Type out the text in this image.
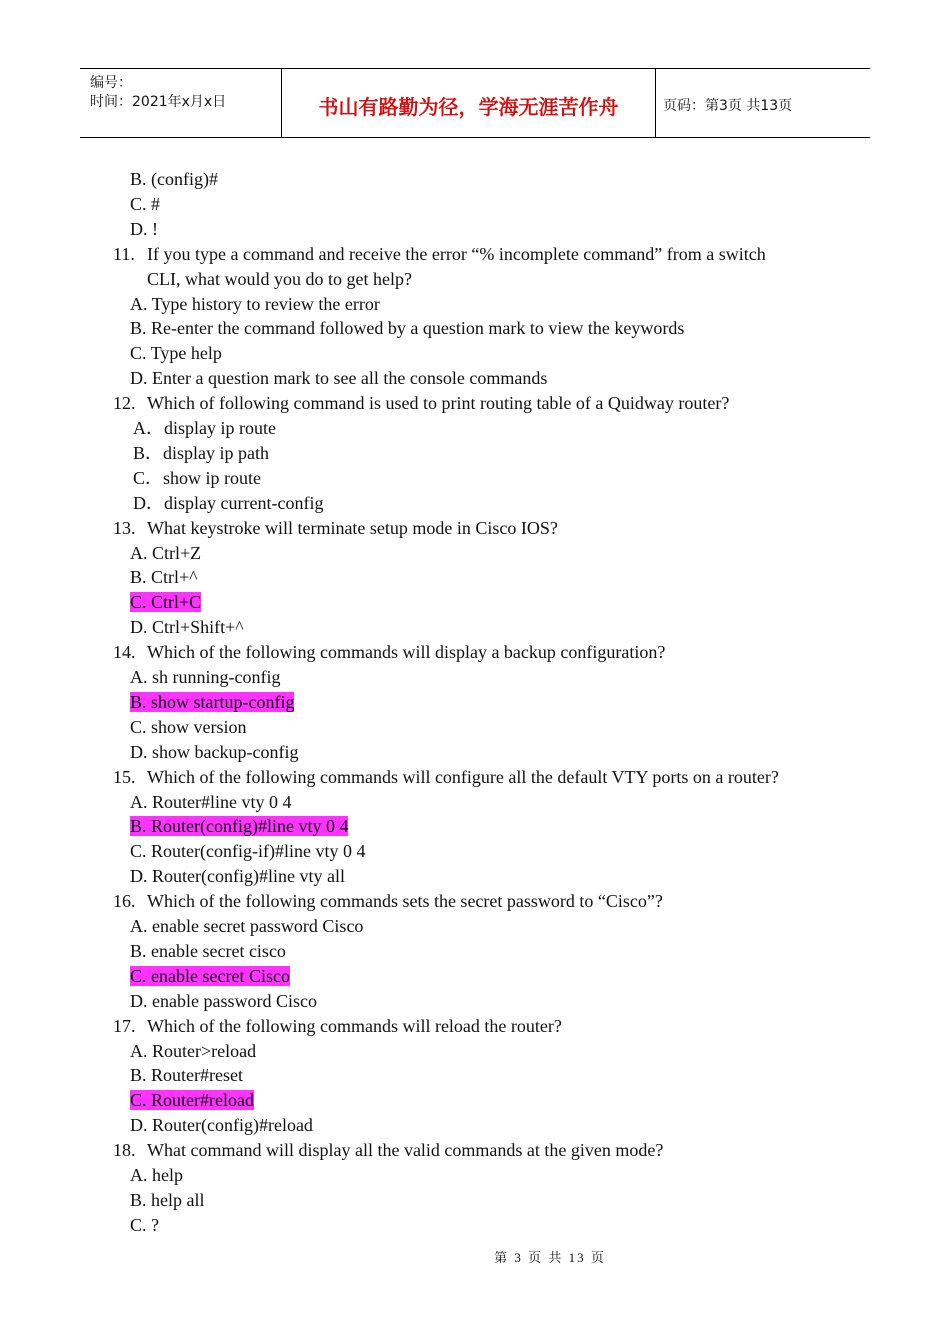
编号：
时间：2021年x月x日	书山有路勤为径，学海无涯苦作舟	页码：第3页 共13页
B. (config)#
C. #
D. !
11. If you type a command and receive the error “% incomplete command” from a switch
CLI, what would you do to get help?
A. Type history to review the error
B. Re-enter the command followed by a question mark to view the keywords
C. Type help
D. Enter a question mark to see all the console commands
12. Which of following command is used to print routing table of a Quidway router?
A．display ip route
B．display ip path
C．show ip route
D．display current-config
13. What keystroke will terminate setup mode in Cisco IOS?
A. Ctrl+Z
B. Ctrl+^
C. Ctrl+C
D. Ctrl+Shift+^
14. Which of the following commands will display a backup configuration?
A. sh running-config
B. show startup-config
C. show version
D. show backup-config
15. Which of the following commands will configure all the default VTY ports on a router?
A. Router#line vty 0 4
B. Router(config)#line vty 0 4
C. Router(config-if)#line vty 0 4
D. Router(config)#line vty all
16. Which of the following commands sets the secret password to “Cisco”?
A. enable secret password Cisco
B. enable secret cisco
C. enable secret Cisco
D. enable password Cisco
17. Which of the following commands will reload the router?
A. Router>reload
B. Router#reset
C. Router#reload
D. Router(config)#reload
18. What command will display all the valid commands at the given mode?
A. help
B. help all
C. ?
第 3 页 共 13 页
